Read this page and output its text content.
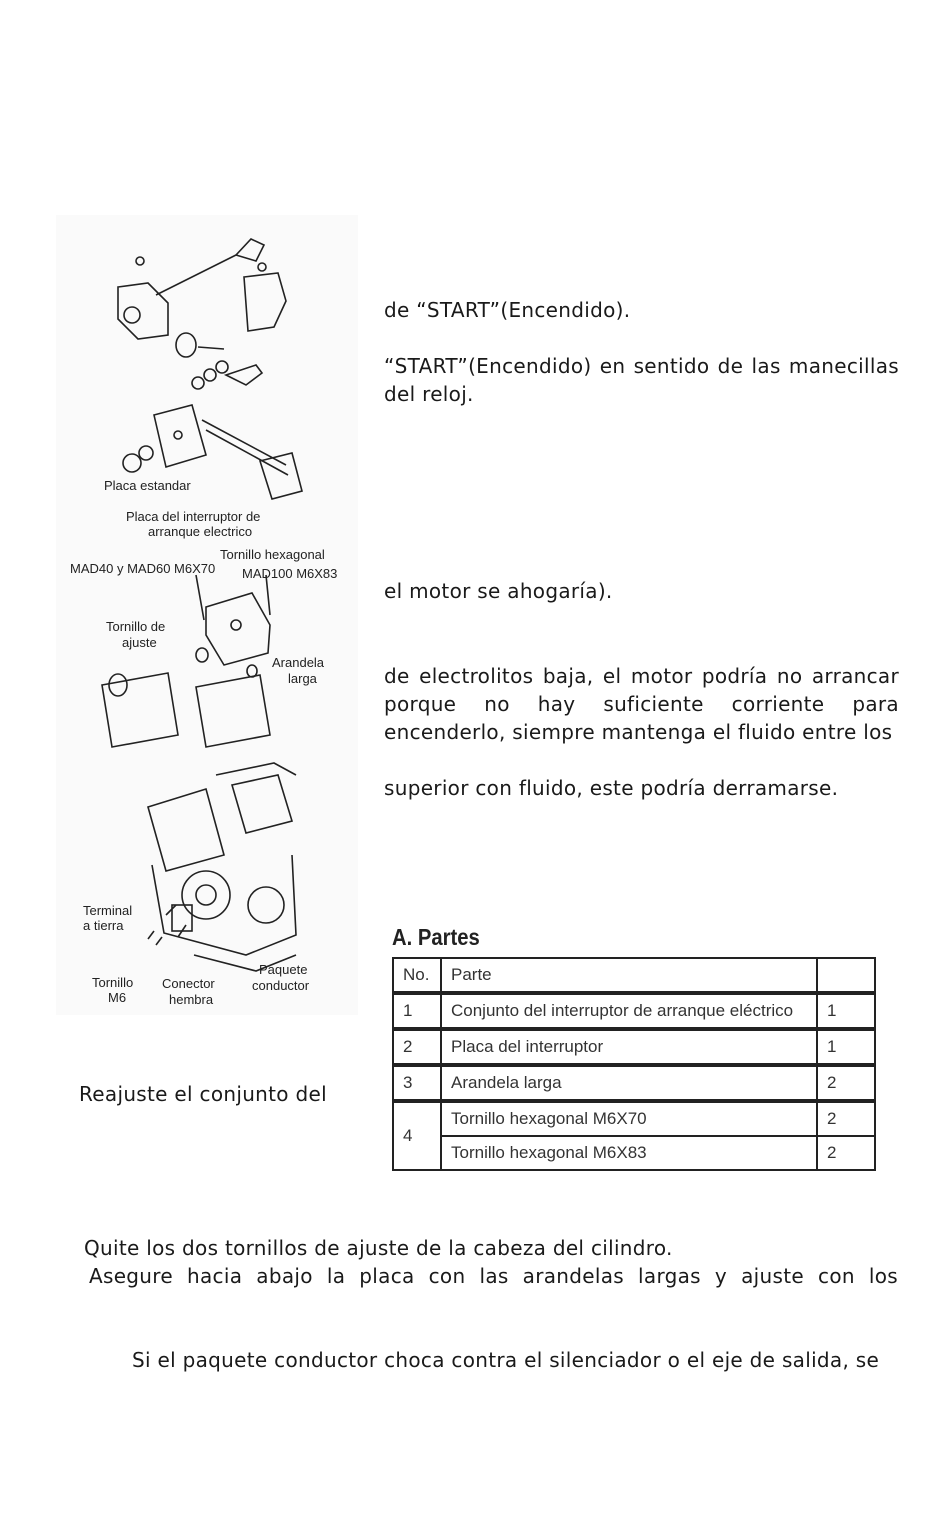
de “START”(Encendido).
“START”(Encendido) en sentido de las manecillas del reloj.
el motor se ahogaría).
de electrolitos baja, el motor podría no arrancar porque no hay suficiente corriente para encenderlo, siempre mantenga el fluido entre los
superior con fluido, este podría derramarse.
Placa estandar
Placa del interruptor de
arranque electrico
Tornillo hexagonal
MAD40 y MAD60 M6X70 MAD100 M6X83
Tornillo de
ajuste
Arandela
larga
Terminal
a tierra
Tornillo
M6
Conector
hembra
Paquete
conductor
Reajuste el conjunto del
A. Partes
No.	Parte	
1	Conjunto del interruptor de arranque eléctrico	1
2	Placa del interruptor	1
3	Arandela larga	2
4	Tornillo hexagonal M6X70	2
	Tornillo hexagonal M6X83	2
Quite los dos tornillos de ajuste de la cabeza del cilindro.
Asegure hacia abajo la placa con las arandelas largas y ajuste con los
Si el paquete conductor choca contra el silenciador o el eje de salida, se
